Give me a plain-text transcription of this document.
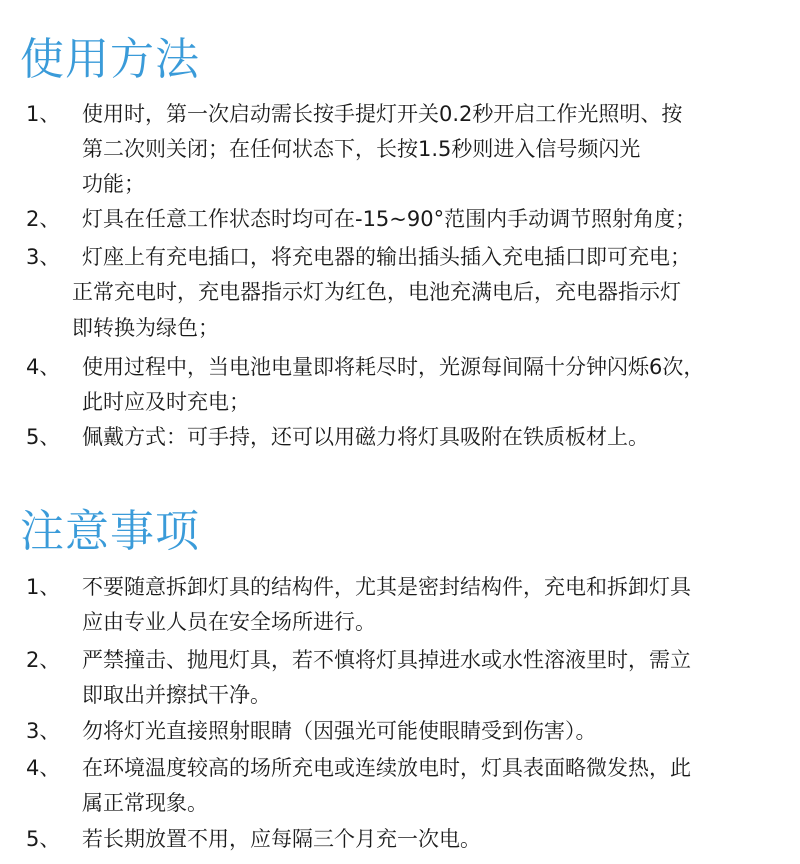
使用方法
1、 使用时，第一次启动需长按手提灯开关0.2秒开启工作光照明、按
第二次则关闭；在任何状态下，长按1.5秒则进入信号频闪光
功能；
2、 灯具在任意工作状态时均可在-15~90°范围内手动调节照射角度；
3、 灯座上有充电插口，将充电器的输出插头插入充电插口即可充电；
正常充电时，充电器指示灯为红色，电池充满电后，充电器指示灯
即转换为绿色；
4、 使用过程中，当电池电量即将耗尽时，光源每间隔十分钟闪烁6次，
此时应及时充电；
5、 佩戴方式：可手持，还可以用磁力将灯具吸附在铁质板材上。
注意事项
1、 不要随意拆卸灯具的结构件，尤其是密封结构件，充电和拆卸灯具
应由专业人员在安全场所进行。
2、 严禁撞击、抛甩灯具，若不慎将灯具掉进水或水性溶液里时，需立
即取出并擦拭干净。
3、 勿将灯光直接照射眼睛（因强光可能使眼睛受到伤害）。
4、 在环境温度较高的场所充电或连续放电时，灯具表面略微发热，此
属正常现象。
5、 若长期放置不用，应每隔三个月充一次电。
